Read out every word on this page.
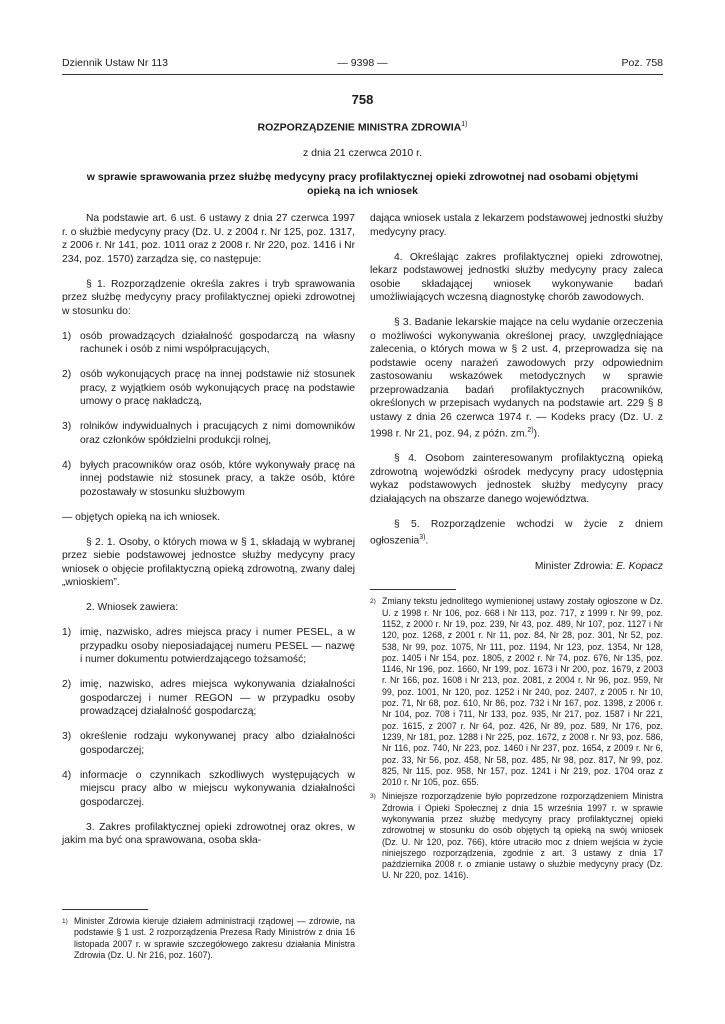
Dziennik Ustaw Nr 113	— 9398 —	Poz. 758
758
ROZPORZĄDZENIE MINISTRA ZDROWIA$^{1)}$
z dnia 21 czerwca 2010 r.
w sprawie sprawowania przez służbę medycyny pracy profilaktycznej opieki zdrowotnej nad osobami objętymi opieką na ich wniosek

Na podstawie art. 6 ust. 6 ustawy z dnia 27 czerwca 1997 r. o służbie medycyny pracy (Dz. U. z 2004 r. Nr 125, poz. 1317, z 2006 r. Nr 141, poz. 1011 oraz z 2008 r. Nr 220, poz. 1416 i Nr 234, poz. 1570) zarządza się, co następuje:

§ 1. Rozporządzenie określa zakres i tryb sprawowania przez służbę medycyny pracy profilaktycznej opieki zdrowotnej w stosunku do:

1) osób prowadzących działalność gospodarczą na własny rachunek i osób z nimi współpracujących,
2) osób wykonujących pracę na innej podstawie niż stosunek pracy, z wyjątkiem osób wykonujących pracę na podstawie umowy o pracę nakładczą,
3) rolników indywidualnych i pracujących z nimi domowników oraz członków spółdzielni produkcji rolnej,
4) byłych pracowników oraz osób, które wykonywały pracę na innej podstawie niż stosunek pracy, a także osób, które pozostawały w stosunku służbowym

— objętych opieką na ich wniosek.

§ 2. 1. Osoby, o których mowa w § 1, składają w wybranej przez siebie podstawowej jednostce służby medycyny pracy wniosek o objęcie profilaktyczną opieką zdrowotną, zwany dalej „wnioskiem”.

2. Wniosek zawiera:

1) imię, nazwisko, adres miejsca pracy i numer PESEL, a w przypadku osoby nieposiadającej numeru PESEL — nazwę i numer dokumentu potwierdzającego tożsamość;
2) imię, nazwisko, adres miejsca wykonywania działalności gospodarczej i numer REGON — w przypadku osoby prowadzącej działalność gospodarczą;
3) określenie rodzaju wykonywanej pracy albo działalności gospodarczej;
4) informacje o czynnikach szkodliwych występujących w miejscu pracy albo w miejscu wykonywania działalności gospodarczej.

3. Zakres profilaktycznej opieki zdrowotnej oraz okres, w jakim ma być ona sprawowana, osoba skła-

$^{1)}$ Minister Zdrowia kieruje działem administracji rządowej — zdrowie, na podstawie § 1 ust. 2 rozporządzenia Prezesa Rady Ministrów z dnia 16 listopada 2007 r. w sprawie szczegółowego zakresu działania Ministra Zdrowia (Dz. U. Nr 216, poz. 1607).

dająca wniosek ustala z lekarzem podstawowej jednostki służby medycyny pracy.

4. Określając zakres profilaktycznej opieki zdrowotnej, lekarz podstawowej jednostki służby medycyny pracy zaleca osobie składającej wniosek wykonywanie badań umożliwiających wczesną diagnostykę chorób zawodowych.

§ 3. Badanie lekarskie mające na celu wydanie orzeczenia o możliwości wykonywania określonej pracy, uwzględniające zalecenia, o których mowa w § 2 ust. 4, przeprowadza się na podstawie oceny narażeń zawodowych przy odpowiednim zastosowaniu wskazówek metodycznych w sprawie przeprowadzania badań profilaktycznych pracowników, określonych w przepisach wydanych na podstawie art. 229 § 8 ustawy z dnia 26 czerwca 1974 r. — Kodeks pracy (Dz. U. z 1998 r. Nr 21, poz. 94, z późn. zm.$^{2)}$).

§ 4. Osobom zainteresowanym profilaktyczną opieką zdrowotną wojewódzki ośrodek medycyny pracy udostępnia wykaz podstawowych jednostek służby medycyny pracy działających na obszarze danego województwa.

§ 5. Rozporządzenie wchodzi w życie z dniem ogłoszenia$^{3)}$.

Minister Zdrowia: E. Kopacz

$^{2)}$ Zmiany tekstu jednolitego wymienionej ustawy zostały ogłoszone w Dz. U. z 1998 r. Nr 106, poz. 668 i Nr 113, poz. 717, z 1999 r. Nr 99, poz. 1152, z 2000 r. Nr 19, poz. 239, Nr 43, poz. 489, Nr 107, poz. 1127 i Nr 120, poz. 1268, z 2001 r. Nr 11, poz. 84, Nr 28, poz. 301, Nr 52, poz. 538, Nr 99, poz. 1075, Nr 111, poz. 1194, Nr 123, poz. 1354, Nr 128, poz. 1405 i Nr 154, poz. 1805, z 2002 r. Nr 74, poz. 676, Nr 135, poz. 1146, Nr 196, poz. 1660, Nr 199, poz. 1673 i Nr 200, poz. 1679, z 2003 r. Nr 166, poz. 1608 i Nr 213, poz. 2081, z 2004 r. Nr 96, poz. 959, Nr 99, poz. 1001, Nr 120, poz. 1252 i Nr 240, poz. 2407, z 2005 r. Nr 10, poz. 71, Nr 68, poz. 610, Nr 86, poz. 732 i Nr 167, poz. 1398, z 2006 r. Nr 104, poz. 708 i 711, Nr 133, poz. 935, Nr 217, poz. 1587 i Nr 221, poz. 1615, z 2007 r. Nr 64, poz. 426, Nr 89, poz. 589, Nr 176, poz. 1239, Nr 181, poz. 1288 i Nr 225, poz. 1672, z 2008 r. Nr 93, poz. 586, Nr 116, poz. 740, Nr 223, poz. 1460 i Nr 237, poz. 1654, z 2009 r. Nr 6, poz. 33, Nr 56, poz. 458, Nr 58, poz. 485, Nr 98, poz. 817, Nr 99, poz. 825, Nr 115, poz. 958, Nr 157, poz. 1241 i Nr 219, poz. 1704 oraz z 2010 r. Nr 105, poz. 655.
$^{3)}$ Niniejsze rozporządzenie było poprzedzone rozporządzeniem Ministra Zdrowia i Opieki Społecznej z dnia 15 września 1997 r. w sprawie wykonywania przez służbę medycyny pracy profilaktycznej opieki zdrowotnej w stosunku do osób objętych tą opieką na swój wniosek (Dz. U. Nr 120, poz. 766), które utraciło moc z dniem wejścia w życie niniejszego rozporządzenia, zgodnie z art. 3 ustawy z dnia 17 października 2008 r. o zmianie ustawy o służbie medycyny pracy (Dz. U. Nr 220, poz. 1416).
